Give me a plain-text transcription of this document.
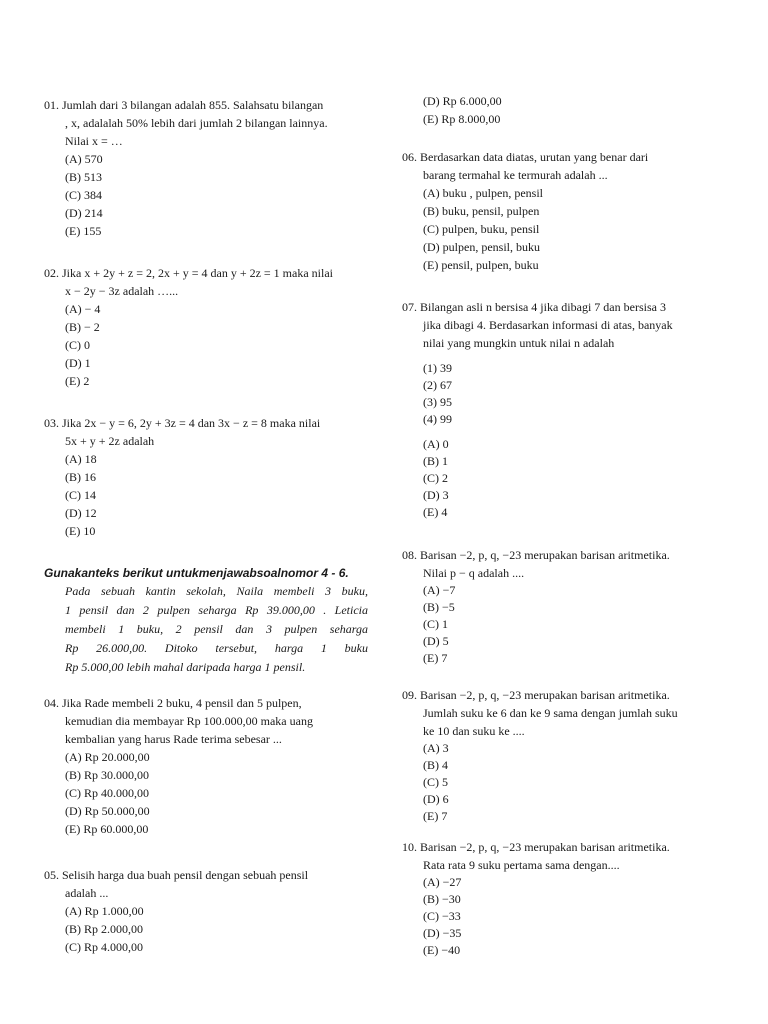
01. Jumlah dari 3 bilangan adalah 855. Salahsatu bilangan
, x, adalalah 50% lebih dari jumlah 2 bilangan lainnya.
Nilai x = …
(A) 570
(B) 513
(C) 384
(D) 214
(E) 155
02. Jika x + 2y + z = 2, 2x + y = 4 dan y + 2z = 1 maka nilai
x − 2y − 3z adalah …...
(A) − 4
(B) − 2
(C) 0
(D) 1
(E) 2
03. Jika 2x − y = 6, 2y + 3z = 4 dan 3x − z = 8 maka nilai
5x + y + 2z adalah
(A) 18
(B) 16
(C) 14
(D) 12
(E) 10
Gunakanteks berikut untukmenjawabsoalnomor 4 - 6.
Pada sebuah kantin sekolah, Naila membeli 3 buku,
1 pensil dan 2 pulpen seharga Rp 39.000,00 . Leticia
membeli 1 buku, 2 pensil dan 3 pulpen seharga
Rp 26.000,00. Ditoko tersebut, harga 1 buku
Rp 5.000,00 lebih mahal daripada harga 1 pensil.
04. Jika Rade membeli 2 buku, 4 pensil dan 5 pulpen,
kemudian dia membayar Rp 100.000,00 maka uang
kembalian yang harus Rade terima sebesar ...
(A) Rp 20.000,00
(B) Rp 30.000,00
(C) Rp 40.000,00
(D) Rp 50.000,00
(E) Rp 60.000,00
05. Selisih harga dua buah pensil dengan sebuah pensil
adalah ...
(A) Rp 1.000,00
(B) Rp 2.000,00
(C) Rp 4.000,00
(D) Rp 6.000,00
(E) Rp 8.000,00
06. Berdasarkan data diatas, urutan yang benar dari
barang termahal ke termurah adalah ...
(A) buku , pulpen, pensil
(B) buku, pensil, pulpen
(C) pulpen, buku, pensil
(D) pulpen, pensil, buku
(E) pensil, pulpen, buku
07. Bilangan asli n bersisa 4 jika dibagi 7 dan bersisa 3
jika dibagi 4. Berdasarkan informasi di atas, banyak
nilai yang mungkin untuk nilai n adalah
(1) 39
(2) 67
(3) 95
(4) 99
(A) 0
(B) 1
(C) 2
(D) 3
(E) 4
08. Barisan −2, p, q, −23 merupakan barisan aritmetika.
Nilai p − q adalah ....
(A) −7
(B) −5
(C) 1
(D) 5
(E) 7
09. Barisan −2, p, q, −23 merupakan barisan aritmetika.
Jumlah suku ke 6 dan ke 9 sama dengan jumlah suku
ke 10 dan suku ke ....
(A) 3
(B) 4
(C) 5
(D) 6
(E) 7
10. Barisan −2, p, q, −23 merupakan barisan aritmetika.
Rata rata 9 suku pertama sama dengan....
(A) −27
(B) −30
(C) −33
(D) −35
(E) −40
